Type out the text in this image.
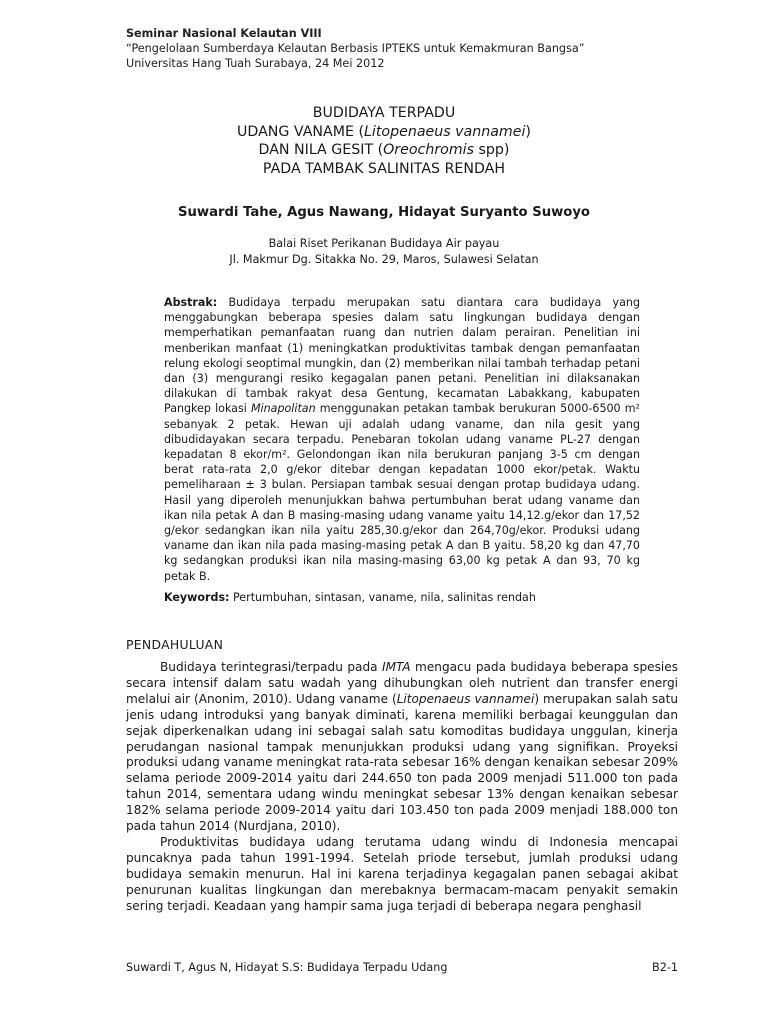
Seminar Nasional Kelautan VIII
“Pengelolaan Sumberdaya Kelautan Berbasis IPTEKS untuk Kemakmuran Bangsa”
Universitas Hang Tuah Surabaya, 24 Mei 2012
BUDIDAYA TERPADU
UDANG VANAME (Litopenaeus vannamei)
DAN NILA GESIT (Oreochromis spp)
PADA TAMBAK SALINITAS RENDAH
Suwardi Tahe, Agus Nawang, Hidayat Suryanto Suwoyo
Balai Riset Perikanan Budidaya Air payau
Jl. Makmur Dg. Sitakka No. 29, Maros, Sulawesi Selatan
Abstrak: Budidaya terpadu merupakan satu diantara cara budidaya yang menggabungkan beberapa spesies dalam satu lingkungan budidaya dengan memperhatikan pemanfaatan ruang dan nutrien dalam perairan. Penelitian ini menberikan manfaat (1) meningkatkan produktivitas tambak dengan pemanfaatan relung ekologi seoptimal mungkin, dan (2) memberikan nilai tambah terhadap petani dan (3) mengurangi resiko kegagalan panen petani. Penelitian ini dilaksanakan dilakukan di tambak rakyat desa Gentung, kecamatan Labakkang, kabupaten Pangkep lokasi Minapolitan menggunakan petakan tambak berukuran 5000-6500 m² sebanyak 2 petak. Hewan uji adalah udang vaname, dan nila gesit yang dibudidayakan secara terpadu. Penebaran tokolan udang vaname PL-27 dengan kepadatan 8 ekor/m². Gelondongan ikan nila berukuran panjang 3-5 cm dengan berat rata-rata 2,0 g/ekor ditebar dengan kepadatan 1000 ekor/petak. Waktu pemeliharaan ± 3 bulan. Persiapan tambak sesuai dengan protap budidaya udang. Hasil yang diperoleh menunjukkan bahwa pertumbuhan berat udang vaname dan ikan nila petak A dan B masing-masing udang vaname yaitu 14,12.g/ekor dan 17,52 g/ekor sedangkan ikan nila yaitu 285,30.g/ekor dan 264,70g/ekor. Produksi udang vaname dan ikan nila pada masing-masing petak A dan B yaitu. 58,20 kg dan 47,70 kg sedangkan produksi ikan nila masing-masing 63,00 kg petak A dan 93, 70 kg petak B.
Keywords: Pertumbuhan, sintasan, vaname, nila, salinitas rendah
PENDAHULUAN

Budidaya terintegrasi/terpadu pada IMTA mengacu pada budidaya beberapa spesies secara intensif dalam satu wadah yang dihubungkan oleh nutrient dan transfer energi melalui air (Anonim, 2010). Udang vaname (Litopenaeus vannamei) merupakan salah satu jenis udang introduksi yang banyak diminati, karena memiliki berbagai keunggulan dan sejak diperkenalkan udang ini sebagai salah satu komoditas budidaya unggulan, kinerja perudangan nasional tampak menunjukkan produksi udang yang signifikan. Proyeksi produksi udang vaname meningkat rata-rata sebesar 16% dengan kenaikan sebesar 209% selama periode 2009-2014 yaitu dari 244.650 ton pada 2009 menjadi 511.000 ton pada tahun 2014, sementara udang windu meningkat sebesar 13% dengan kenaikan sebesar 182% selama periode 2009-2014 yaitu dari 103.450 ton pada 2009 menjadi 188.000 ton pada tahun 2014 (Nurdjana, 2010).

Produktivitas budidaya udang terutama udang windu di Indonesia mencapai puncaknya pada tahun 1991-1994. Setelah priode tersebut, jumlah produksi udang budidaya semakin menurun. Hal ini karena terjadinya kegagalan panen sebagai akibat penurunan kualitas lingkungan dan merebaknya bermacam-macam penyakit semakin sering terjadi. Keadaan yang hampir sama juga terjadi di beberapa negara penghasil

Suwardi T, Agus N, Hidayat S.S: Budidaya Terpadu Udang	B2-1
